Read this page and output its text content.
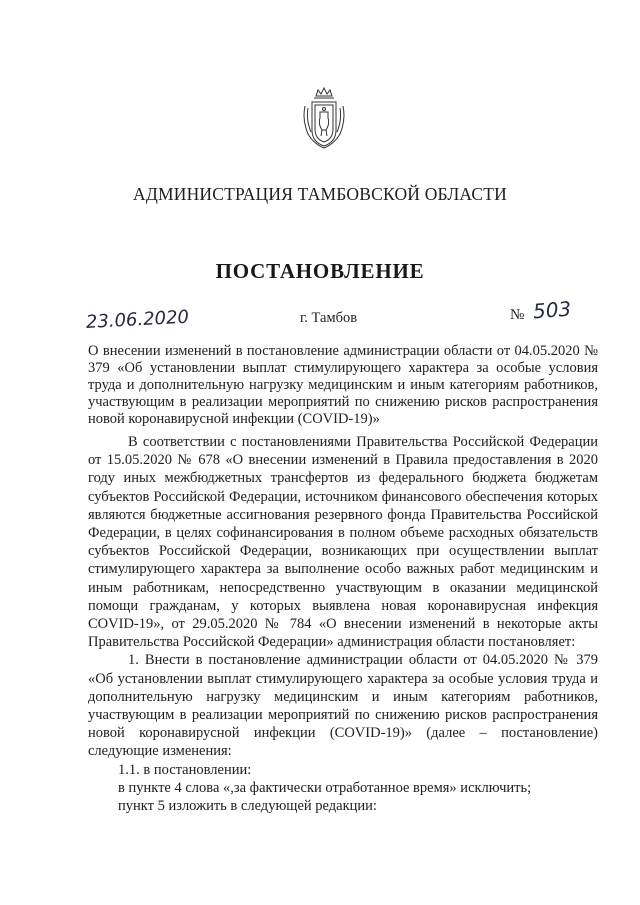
АДМИНИСТРАЦИЯ ТАМБОВСКОЙ ОБЛАСТИ
ПОСТАНОВЛЕНИЕ
23.06.2020	г. Тамбов	№ 503
О внесении изменений в постановление администрации области от 04.05.2020 № 379 «Об установлении выплат стимулирующего характера за особые условия труда и дополнительную нагрузку медицинским и иным категориям работников, участвующим в реализации мероприятий по снижению рисков распространения новой коронавирусной инфекции (COVID-19)»

В соответствии с постановлениями Правительства Российской Федерации от 15.05.2020 № 678 «О внесении изменений в Правила предоставления в 2020 году иных межбюджетных трансфертов из федерального бюджета бюджетам субъектов Российской Федерации, источником финансового обеспечения которых являются бюджетные ассигнования резервного фонда Правительства Российской Федерации, в целях софинансирования в полном объеме расходных обязательств субъектов Российской Федерации, возникающих при осуществлении выплат стимулирующего характера за выполнение особо важных работ медицинским и иным работникам, непосредственно участвующим в оказании медицинской помощи гражданам, у которых выявлена новая коронавирусная инфекция COVID-19», от 29.05.2020 № 784 «О внесении изменений в некоторые акты Правительства Российской Федерации» администрация области постановляет:

1. Внести в постановление администрации области от 04.05.2020 № 379 «Об установлении выплат стимулирующего характера за особые условия труда и дополнительную нагрузку медицинским и иным категориям работников, участвующим в реализации мероприятий по снижению рисков распространения новой коронавирусной инфекции (COVID-19)» (далее – постановление) следующие изменения:

1.1. в постановлении:

в пункте 4 слова «,за фактически отработанное время» исключить;

пункт 5 изложить в следующей редакции:
